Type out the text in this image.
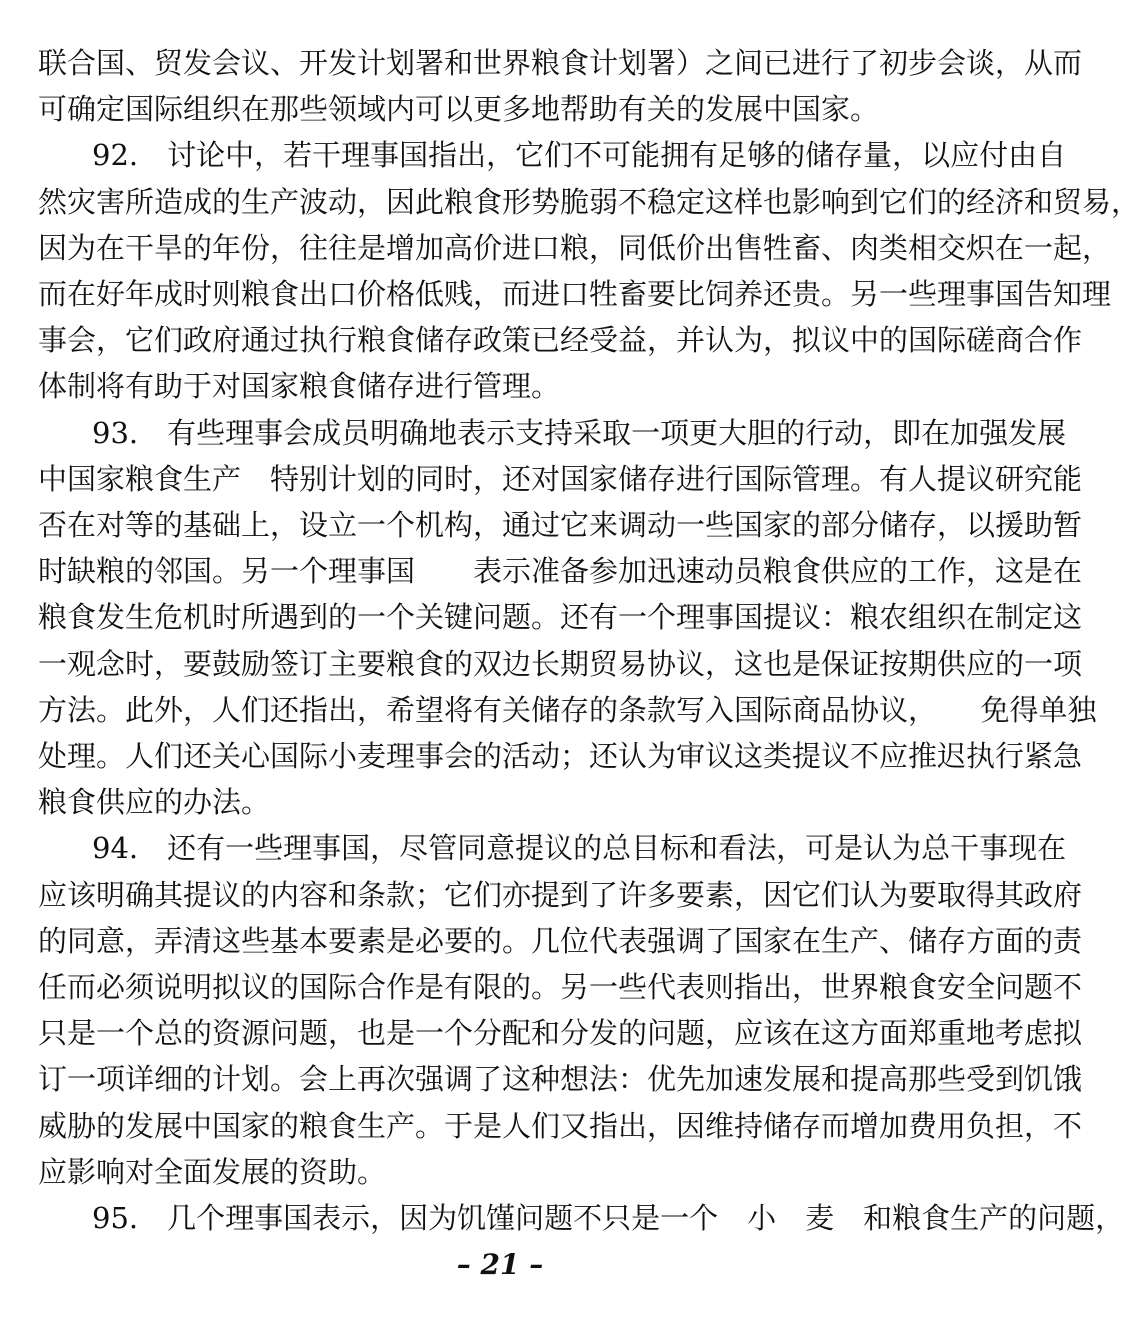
联合国、贸发会议、开发计划署和世界粮食计划署）之间已进行了初步会谈，从而
可确定国际组织在那些领域内可以更多地帮助有关的发展中国家。
92.　讨论中，若干理事国指出，它们不可能拥有足够的储存量，以应付由自
然灾害所造成的生产波动，因此粮食形势脆弱不稳定这样也影响到它们的经济和贸易，
因为在干旱的年份，往往是增加高价进口粮，同低价出售牲畜、肉类相交炽在一起，
而在好年成时则粮食出口价格低贱，而进口牲畜要比饲养还贵。另一些理事国告知理
事会，它们政府通过执行粮食储存政策已经受益，并认为，拟议中的国际磋商合作
体制将有助于对国家粮食储存进行管理。
93.　有些理事会成员明确地表示支持采取一项更大胆的行动，即在加强发展
中国家粮食生产　特别计划的同时，还对国家储存进行国际管理。有人提议研究能
否在对等的基础上，设立一个机构，通过它来调动一些国家的部分储存，以援助暂
时缺粮的邻国。另一个理事国　　表示准备参加迅速动员粮食供应的工作，这是在
粮食发生危机时所遇到的一个关键问题。还有一个理事国提议：粮农组织在制定这
一观念时，要鼓励签订主要粮食的双边长期贸易协议，这也是保证按期供应的一项
方法。此外，人们还指出，希望将有关储存的条款写入国际商品协议，　　免得单独
处理。人们还关心国际小麦理事会的活动；还认为审议这类提议不应推迟执行紧急
粮食供应的办法。
94.　还有一些理事国，尽管同意提议的总目标和看法，可是认为总干事现在
应该明确其提议的内容和条款；它们亦提到了许多要素，因它们认为要取得其政府
的同意，弄清这些基本要素是必要的。几位代表强调了国家在生产、储存方面的责
任而必须说明拟议的国际合作是有限的。另一些代表则指出，世界粮食安全问题不
只是一个总的资源问题，也是一个分配和分发的问题，应该在这方面郑重地考虑拟
订一项详细的计划。会上再次强调了这种想法：优先加速发展和提高那些受到饥饿
威胁的发展中国家的粮食生产。于是人们又指出，因维持储存而增加费用负担，不
应影响对全面发展的资助。
95.　几个理事国表示，因为饥馑问题不只是一个　小　麦　和粮食生产的问题，
– 21 –
